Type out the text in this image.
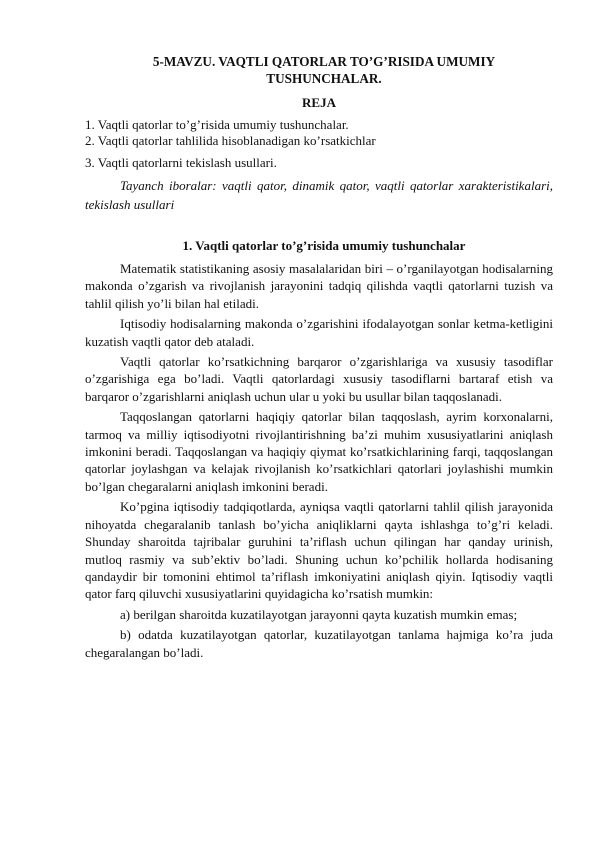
5-MAVZU. VAQTLI QATORLAR TO’G’RISIDA UMUMIY
TUSHUNCHALAR.
REJA

1. Vaqtli qatorlar to’g’risida umumiy tushunchalar.

2. Vaqtli qatorlar tahlilida hisoblanadigan ko’rsatkichlar

3. Vaqtli qatorlarni tekislash usullari.

Tayanch iboralar: vaqtli qator, dinamik qator, vaqtli qatorlar xarakteristikalari, tekislash usullari

1. Vaqtli qatorlar to’g’risida umumiy tushunchalar

Matematik statistikaning asosiy masalalaridan biri – o’rganilayotgan hodisalarning makonda o’zgarish va rivojlanish jarayonini tadqiq qilishda vaqtli qatorlarni tuzish va tahlil qilish yo’li bilan hal etiladi.

Iqtisodiy hodisalarning makonda o’zgarishini ifodalayotgan sonlar ketma-ketligini kuzatish vaqtli qator deb ataladi.

Vaqtli qatorlar ko’rsatkichning barqaror o’zgarishlariga va xususiy tasodiflar o’zgarishiga ega bo’ladi. Vaqtli qatorlardagi xususiy tasodiflarni bartaraf etish va barqaror o’zgarishlarni aniqlash uchun ular u yoki bu usullar bilan taqqoslanadi.

Taqqoslangan qatorlarni haqiqiy qatorlar bilan taqqoslash, ayrim korxonalarni, tarmoq va milliy iqtisodiyotni rivojlantirishning ba’zi muhim xususiyatlarini aniqlash imkonini beradi. Taqqoslangan va haqiqiy qiymat ko’rsatkichlarining farqi, taqqoslangan qatorlar joylashgan va kelajak rivojlanish ko’rsatkichlari qatorlari joylashishi mumkin bo’lgan chegaralarni aniqlash imkonini beradi.

Ko’pgina iqtisodiy tadqiqotlarda, ayniqsa vaqtli qatorlarni tahlil qilish jarayonida nihoyatda chegaralanib tanlash bo’yicha aniqliklarni qayta ishlashga to’g’ri keladi. Shunday sharoitda tajribalar guruhini ta’riflash uchun qilingan har qanday urinish, mutloq rasmiy va sub’ektiv bo’ladi. Shuning uchun ko’pchilik hollarda hodisaning qandaydir bir tomonini ehtimol ta’riflash imkoniyatini aniqlash qiyin. Iqtisodiy vaqtli qator farq qiluvchi xususiyatlarini quyidagicha ko’rsatish mumkin:

a) berilgan sharoitda kuzatilayotgan jarayonni qayta kuzatish mumkin emas;

b) odatda kuzatilayotgan qatorlar, kuzatilayotgan tanlama hajmiga ko’ra juda chegaralangan bo’ladi.
